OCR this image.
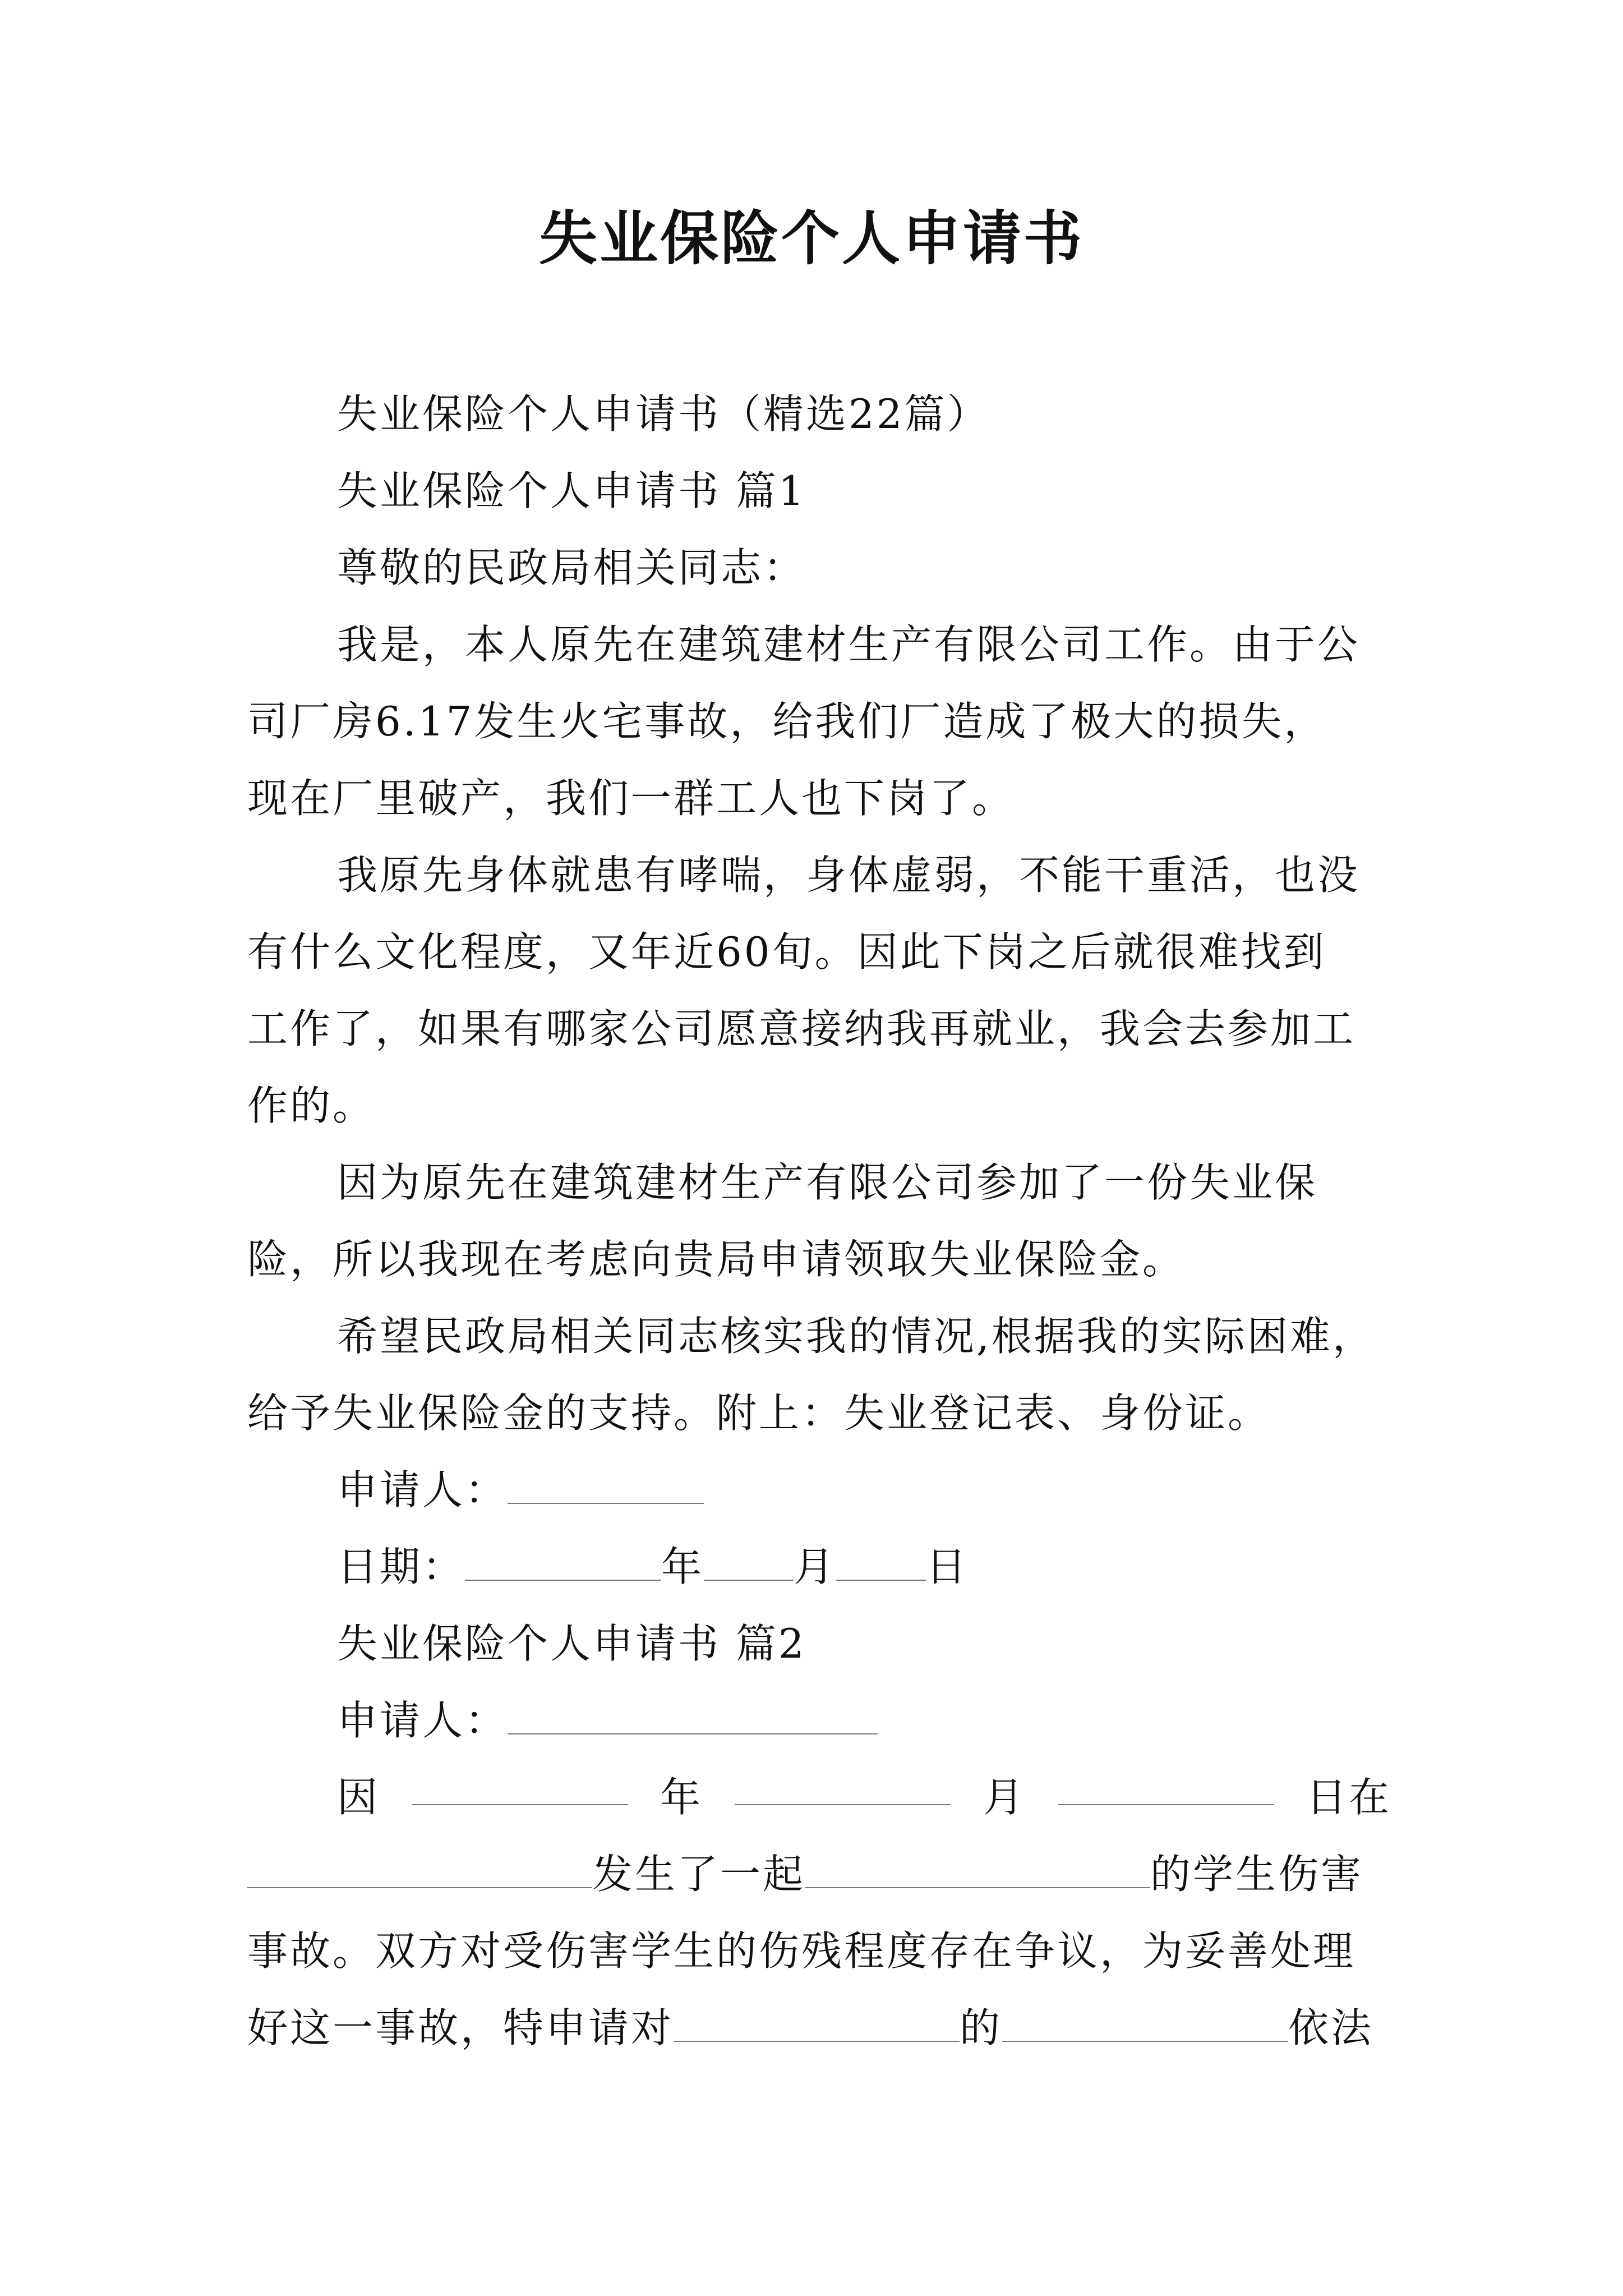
失业保险个人申请书
失业保险个人申请书（精选22篇）
失业保险个人申请书 篇1
尊敬的民政局相关同志：
我是，本人原先在建筑建材生产有限公司工作。由于公
司厂房6.17发生火宅事故，给我们厂造成了极大的损失，
现在厂里破产，我们一群工人也下岗了。
我原先身体就患有哮喘，身体虚弱，不能干重活，也没
有什么文化程度，又年近60旬。因此下岗之后就很难找到
工作了，如果有哪家公司愿意接纳我再就业，我会去参加工
作的。
因为原先在建筑建材生产有限公司参加了一份失业保
险，所以我现在考虑向贵局申请领取失业保险金。
希望民政局相关同志核实我的情况,根据我的实际困难，
给予失业保险金的支持。附上：失业登记表、身份证。
申请人：
日期：	年 月 日
失业保险个人申请书 篇2
申请人：
因	年	月	日在
发生了一起	的学生伤害
事故。双方对受伤害学生的伤残程度存在争议，为妥善处理
好这一事故，特申请对	的	依法
